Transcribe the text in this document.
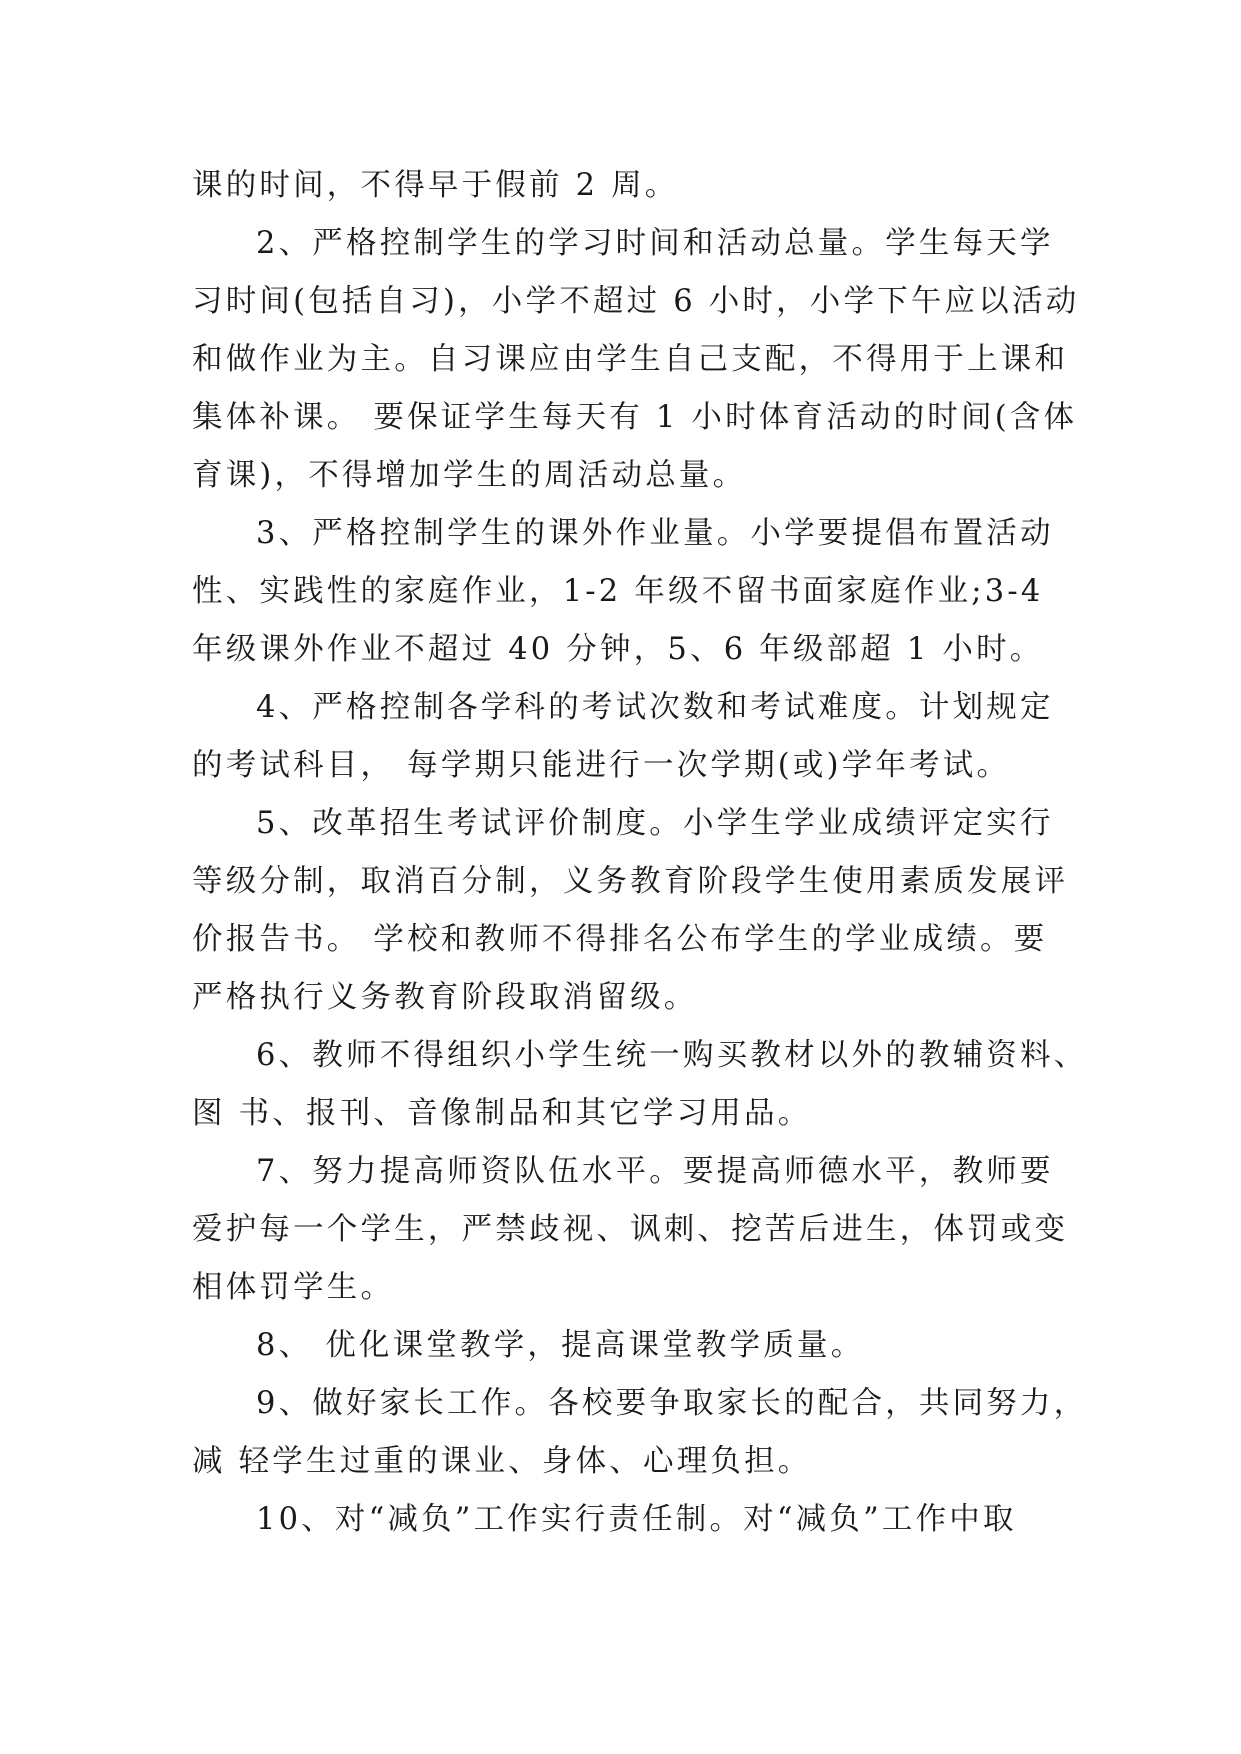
课的时间，不得早于假前 2 周。
2、严格控制学生的学习时间和活动总量。学生每天学
习时间(包括自习)，小学不超过 6 小时，小学下午应以活动
和做作业为主。自习课应由学生自己支配，不得用于上课和
集体补课。 要保证学生每天有 1 小时体育活动的时间(含体
育课)，不得增加学生的周活动总量。
3、严格控制学生的课外作业量。小学要提倡布置活动
性、实践性的家庭作业，1-2 年级不留书面家庭作业;3-4
年级课外作业不超过 40 分钟，5、6 年级部超 1 小时。
4、严格控制各学科的考试次数和考试难度。计划规定
的考试科目， 每学期只能进行一次学期(或)学年考试。
5、改革招生考试评价制度。小学生学业成绩评定实行
等级分制，取消百分制，义务教育阶段学生使用素质发展评
价报告书。 学校和教师不得排名公布学生的学业成绩。要
严格执行义务教育阶段取消留级。
6、教师不得组织小学生统一购买教材以外的教辅资料、
图 书、报刊、音像制品和其它学习用品。
7、努力提高师资队伍水平。要提高师德水平，教师要
爱护每一个学生，严禁歧视、讽刺、挖苦后进生，体罚或变
相体罚学生。
8、 优化课堂教学，提高课堂教学质量。
9、做好家长工作。各校要争取家长的配合，共同努力，
减 轻学生过重的课业、身体、心理负担。
10、对“减负”工作实行责任制。对“减负”工作中取
